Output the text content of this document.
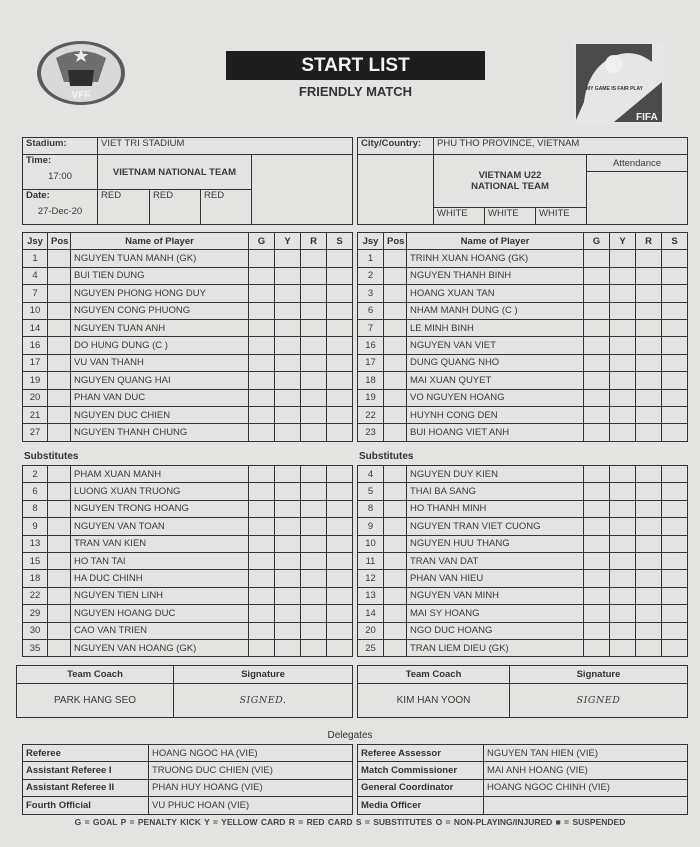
VFF
START LIST
FRIENDLY MATCH	MY GAME IS FAIR PLAY
FIFA
Stadium:	VIET TRI STADIUM			

Time:
17:00	VIETNAM NATIONAL TEAM			

Date:
27-Dec-20				

	RED	RED	RED	
City/Country:	PHU THO PROVINCE, VIETNAM			
	VIETNAM U22 NATIONAL TEAM			Attendance

	WHITE	WHITE	WHITE	
Jsy	Pos	Name of Player	G	Y	R	S
1		NGUYEN TUAN MANH (GK)				
4		BUI TIEN DUNG				
7		NGUYEN PHONG HONG DUY				
10		NGUYEN CONG PHUONG				
14		NGUYEN TUAN ANH				
16		DO HUNG DUNG (C )				
17		VU VAN THANH				
19		NGUYEN QUANG HAI				
20		PHAN VAN DUC				
21		NGUYEN DUC CHIEN				
27		NGUYEN THANH CHUNG				
Jsy	Pos	Name of Player	G	Y	R	S
1		TRINH XUAN HOANG (GK)				
2		NGUYEN THANH BINH				
3		HOANG XUAN TAN				
6		NHAM MANH DUNG (C )				
7		LE MINH BINH				
16		NGUYEN VAN VIET				
17		DUNG QUANG NHO				
18		MAI XUAN QUYET				
19		VO NGUYEN HOANG				
22		HUYNH CONG DEN				
23		BUI HOANG VIET ANH				
Substitutes	Substitutes
2		PHAM XUAN MANH				
6		LUONG XUAN TRUONG				
8		NGUYEN TRONG HOANG				
9		NGUYEN VAN TOAN				
13		TRAN VAN KIEN				
15		HO TAN TAI				
18		HA DUC CHINH				
22		NGUYEN TIEN LINH				
29		NGUYEN HOANG DUC				
30		CAO VAN TRIEN				
35		NGUYEN VAN HOANG (GK)				
4		NGUYEN DUY KIEN				
5		THAI BA SANG				
8		HO THANH MINH				
9		NGUYEN TRAN VIET CUONG				
10		NGUYEN HUU THANG				
11		TRAN VAN DAT				
12		PHAN VAN HIEU				
13		NGUYEN VAN MINH				
14		MAI SY HOANG				
20		NGO DUC HOANG				
25		TRAN LIEM DIEU (GK)				
Team Coach	Signature
PARK HANG SEO	SIGNED.
Team Coach	Signature
KIM HAN YOON	SIGNED
Delegates
Referee	HOANG NGOC HA (VIE)
Assistant Referee I	TRUONG DUC CHIEN (VIE)
Assistant Referee II	PHAN HUY HOANG (VIE)
Fourth Official	VU PHUC HOAN (VIE)
Referee Assessor	NGUYEN TAN HIEN (VIE)
Match Commissioner	MAI ANH HOANG (VIE)
General Coordinator	HOANG NGOC CHINH (VIE)
Media Officer	
G = GOAL P = PENALTY KICK Y = YELLOW CARD R = RED CARD S = SUBSTITUTES O = NON-PLAYING/INJURED ■ = SUSPENDED
